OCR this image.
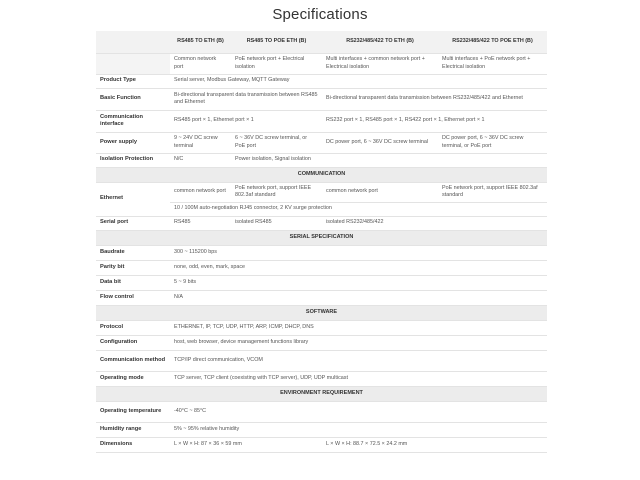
Specifications
	RS485 TO ETH (B)	RS485 TO POE ETH (B)	RS232/485/422 TO ETH (B)	RS232/485/422 TO POE ETH (B)
	Common network port	PoE network port + Electrical isolation	Multi interfaces + common network port + Electrical isolation	Multi interfaces + PoE network port + Electrical isolation
Product Type	Serial server, Modbus Gateway, MQTT Gateway			
Basic Function	Bi-directional transparent data transmission between RS485 and Ethernet		Bi-directional transparent data transmission between RS232/485/422 and Ethernet	
Communication interface	RS485 port × 1, Ethernet port × 1		RS232 port × 1, RS485 port × 1, RS422 port × 1, Ethernet port × 1	
Power supply	9 ~ 24V DC screw terminal	6 ~ 36V DC screw terminal, or PoE port	DC power port, 6 ~ 36V DC screw terminal	DC power port, 6 ~ 36V DC screw terminal, or PoE port
Isolation Protection	N/C	Power isolation, Signal isolation		
COMMUNICATION				
Ethernet	common network port	PoE network port, support IEEE 802.3af standard	common network port	PoE network port, support IEEE 802.3af standard
	10 / 100M auto-negotiation RJ45 connector, 2 KV surge protection			
Serial port	RS485	isolated RS485	isolated RS232/485/422	
SERIAL SPECIFICATION				
Baudrate	300 ~ 115200 bps			
Parity bit	none, odd, even, mark, space			
Data bit	5 ~ 9 bits			
Flow control	N/A			
SOFTWARE				
Protocol	ETHERNET, IP, TCP, UDP, HTTP, ARP, ICMP, DHCP, DNS			
Configuration	host, web browser, device management functions library			
Communication method	TCP/IP direct communication, VCOM			
Operating mode	TCP server, TCP client (coexisting with TCP server), UDP, UDP multicast			
ENVIRONMENT REQUIREMENT				
Operating temperature	-40°C ~ 85°C			
Humidity range	5% ~ 95% relative humidity			
Dimensions	L × W × H: 87 × 36 × 59 mm		L × W × H: 88.7 × 72.5 × 24.2 mm	
